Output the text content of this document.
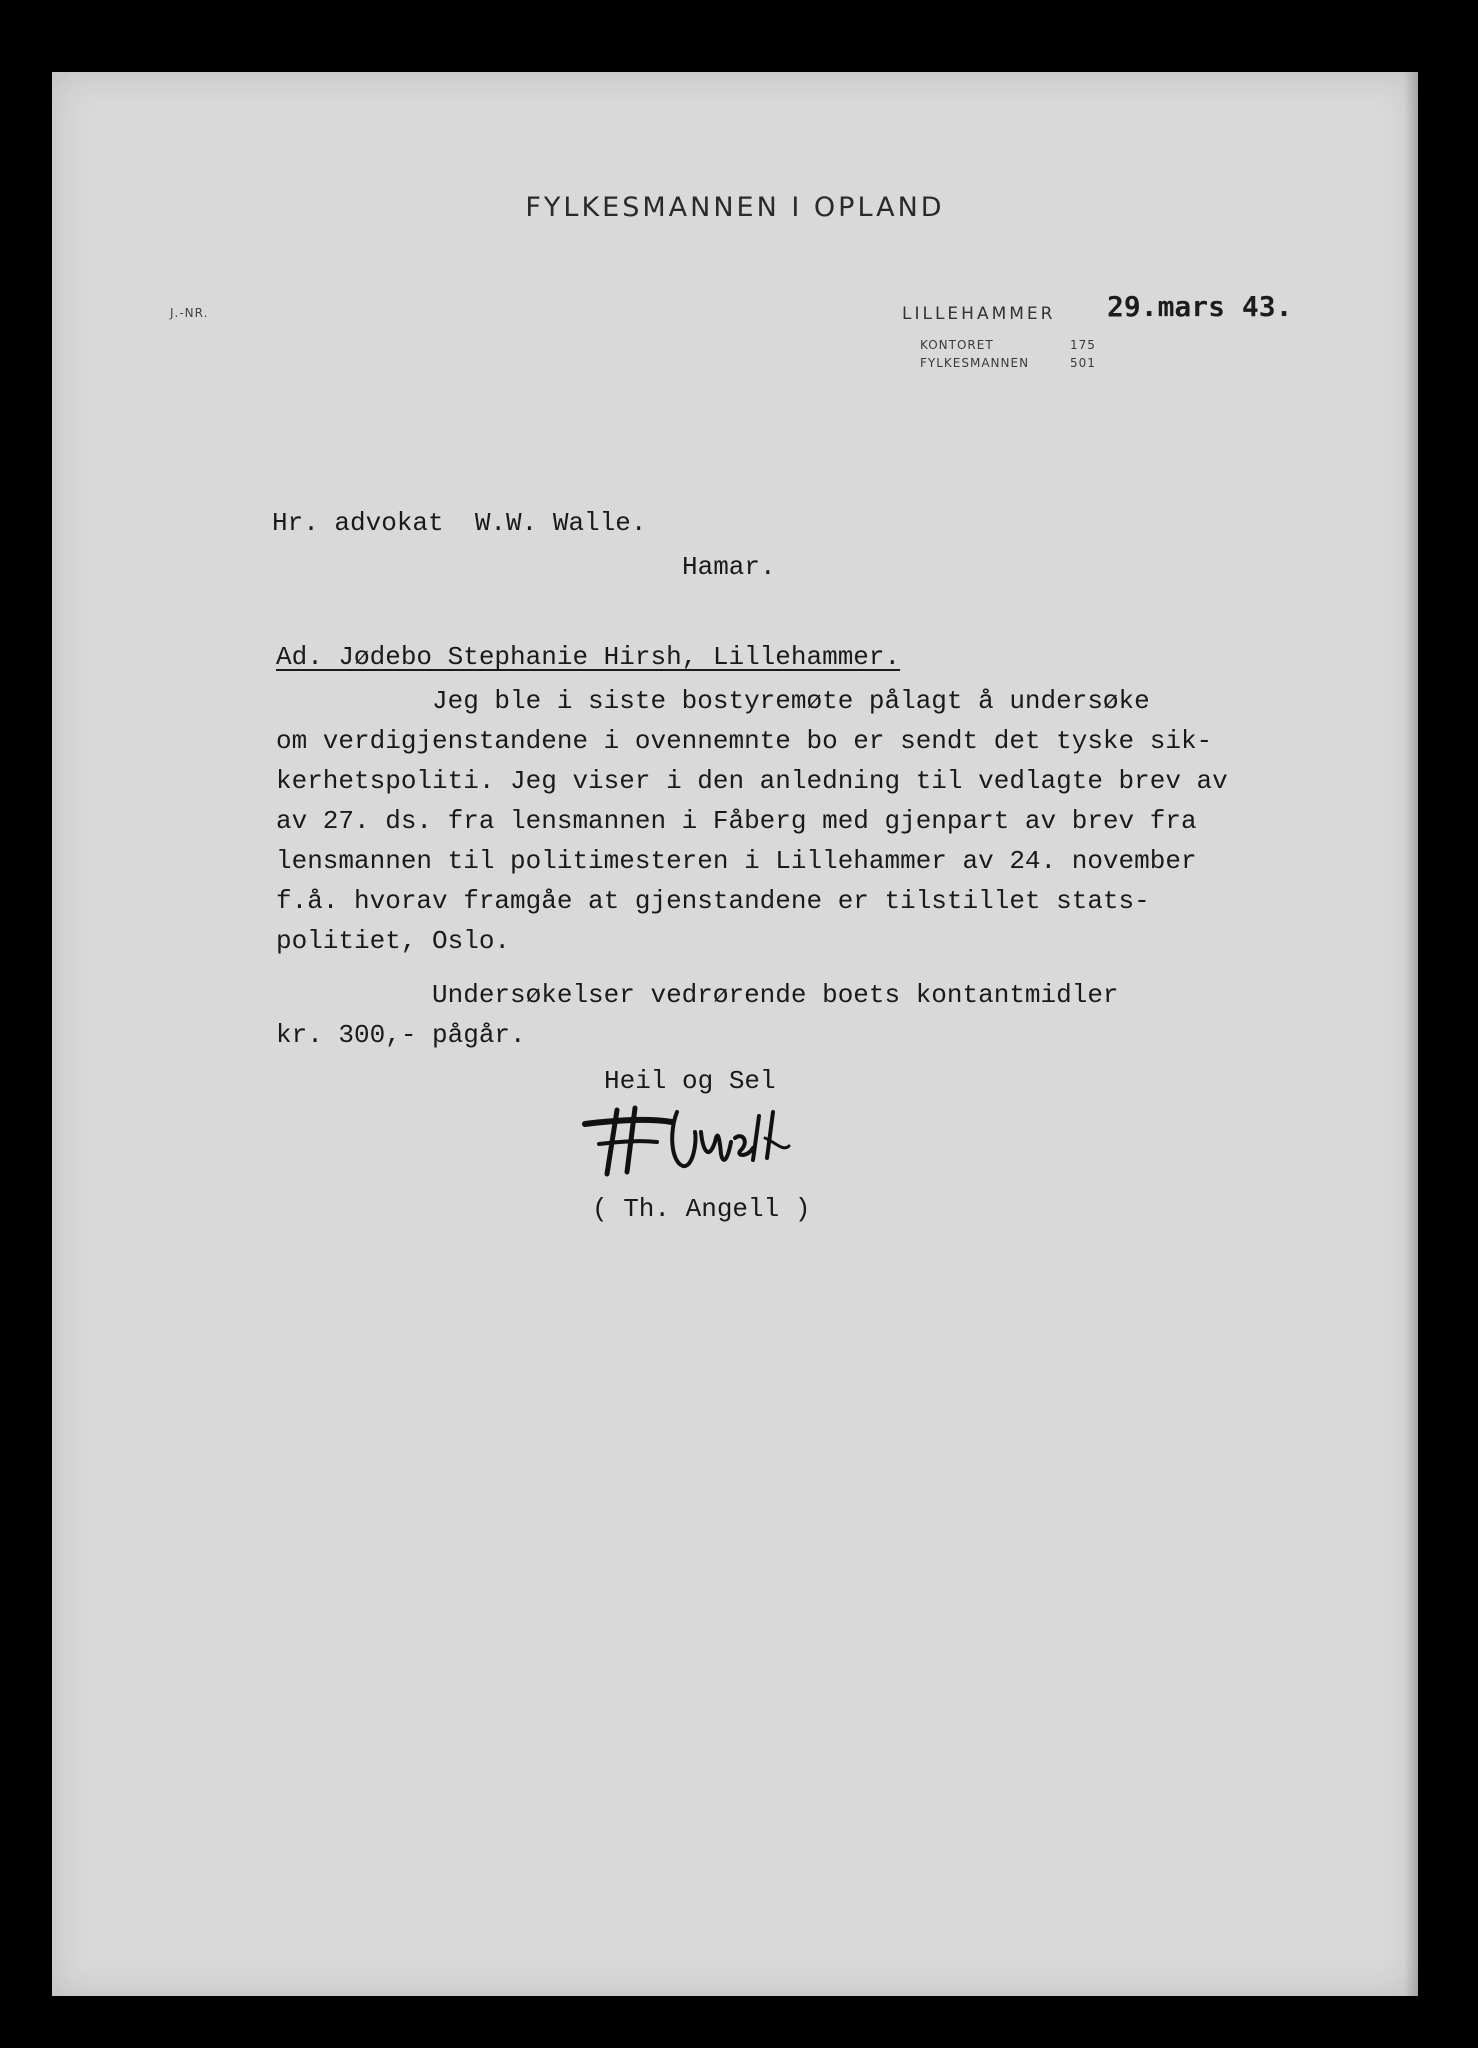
FYLKESMANNEN I OPLAND
J.-NR.	LILLEHAMMER 29.mars 43.
KONTORET	175
FYLKESMANNEN	501
Hr. advokat  W.W. Walle.
Hamar.
Ad. Jødebo Stephanie Hirsh, Lillehammer.
Jeg ble i siste bostyremøte pålagt å undersøke
om verdigjenstandene i ovennemnte bo er sendt det tyske sik-
kerhetspoliti. Jeg viser i den anledning til vedlagte brev av
av 27. ds. fra lensmannen i Fåberg med gjenpart av brev fra
lensmannen til politimesteren i Lillehammer av 24. november
f.å. hvorav framgåe at gjenstandene er tilstillet stats-
politiet, Oslo.
Undersøkelser vedrørende boets kontantmidler
kr. 300,- pågår.
Heil og Sel
( Th. Angell )
